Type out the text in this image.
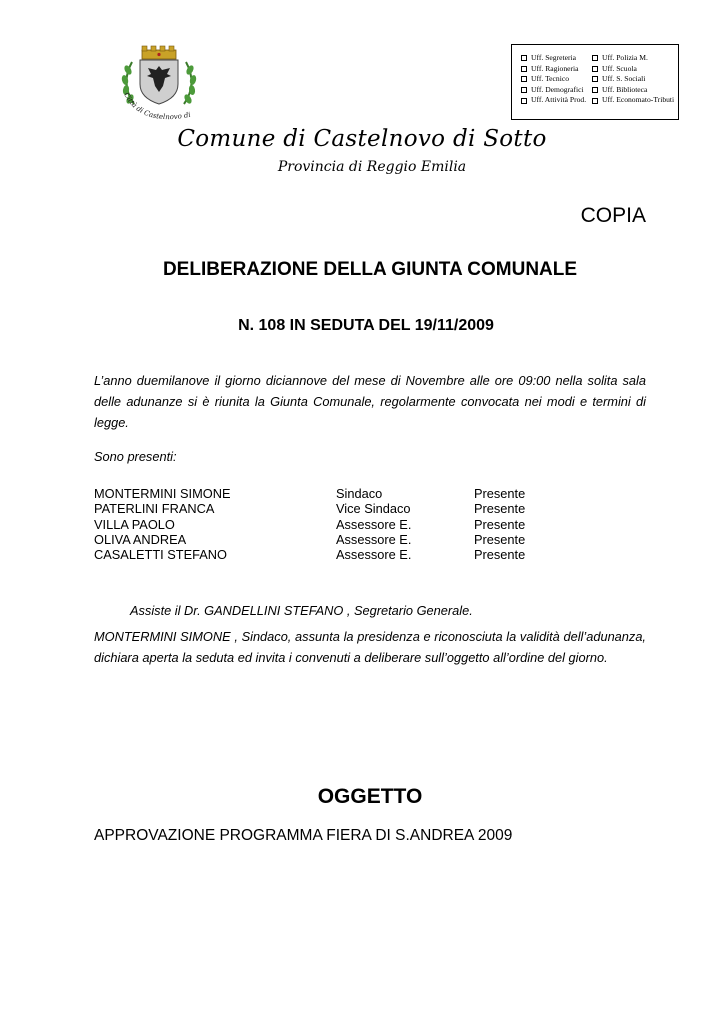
Città di Castelnovo di
Uff. Segreteria
Uff. Ragioneria
Uff. Tecnico
Uff. Demografici
Uff. Attività Prod.
Uff. Polizia M.
Uff. Scuola
Uff. S. Sociali
Uff. Biblioteca
Uff. Economato-Tributi
Comune di Castelnovo di Sotto
Provincia di Reggio Emilia
COPIA
DELIBERAZIONE DELLA GIUNTA COMUNALE
N. 108 IN SEDUTA DEL 19/11/2009
L’anno duemilanove il giorno diciannove del mese di Novembre alle ore 09:00 nella solita sala delle adunanze si è riunita la Giunta Comunale, regolarmente convocata nei modi e termini di legge.
Sono presenti:
MONTERMINI SIMONE	Sindaco	Presente
PATERLINI FRANCA	Vice Sindaco	Presente
VILLA PAOLO	Assessore E.	Presente
OLIVA ANDREA	Assessore E.	Presente
CASALETTI STEFANO	Assessore E.	Presente
Assiste il Dr. GANDELLINI STEFANO , Segretario Generale.
MONTERMINI SIMONE , Sindaco, assunta la presidenza e riconosciuta la validità dell’adunanza, dichiara aperta la seduta ed invita i convenuti a deliberare sull’oggetto all’ordine del giorno.
OGGETTO
APPROVAZIONE PROGRAMMA FIERA DI S.ANDREA 2009
